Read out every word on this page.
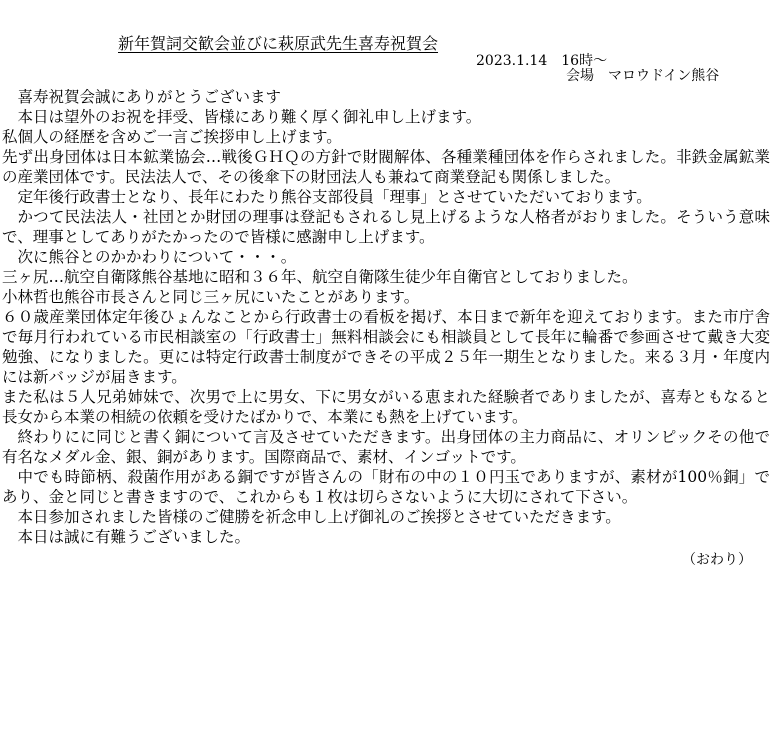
新年賀詞交歓会並びに萩原武先生喜寿祝賀会
2023.1.14　16時～
会場　マロウドイン熊谷

喜寿祝賀会誠にありがとうございます

本日は望外のお祝を拝受、皆様にあり難く厚く御礼申し上げます。

私個人の経歴を含めご一言ご挨拶申し上げます。

先ず出身団体は日本鉱業協会…戦後ＧＨＱの方針で財閥解体、各種業種団体を作らされました。非鉄金属鉱業の産業団体です。民法法人で、その後傘下の財団法人も兼ねて商業登記も関係しました。

定年後行政書士となり、長年にわたり熊谷支部役員「理事」とさせていただいております。

かつて民法法人・社団とか財団の理事は登記もされるし見上げるような人格者がおりました。そういう意味で、理事としてありがたかったので皆様に感謝申し上げます。

次に熊谷とのかかわりについて・・・。

三ヶ尻…航空自衛隊熊谷基地に昭和３６年、航空自衛隊生徒少年自衛官としておりました。

小林哲也熊谷市長さんと同じ三ヶ尻にいたことがあります。

６０歳産業団体定年後ひょんなことから行政書士の看板を掲げ、本日まで新年を迎えております。また市庁舎で毎月行われている市民相談室の「行政書士」無料相談会にも相談員として長年に輪番で参画させて戴き大変勉強、になりました。更には特定行政書士制度ができその平成２５年一期生となりました。来る３月・年度内には新バッジが届きます。

また私は５人兄弟姉妹で、次男で上に男女、下に男女がいる恵まれた経験者でありましたが、喜寿ともなると長女から本業の相続の依頼を受けたばかりで、本業にも熱を上げています。

終わりにに同じと書く銅について言及させていただきます。出身団体の主力商品に、オリンピックその他で有名なメダル金、銀、銅があります。国際商品で、素材、インゴットです。

中でも時節柄、殺菌作用がある銅ですが皆さんの「財布の中の１０円玉でありますが、素材が100％銅」であり、金と同じと書きますので、これからも１枚は切らさないように大切にされて下さい。

本日参加されました皆様のご健勝を祈念申し上げ御礼のご挨拶とさせていただきます。

本日は誠に有難うございました。

（おわり）
